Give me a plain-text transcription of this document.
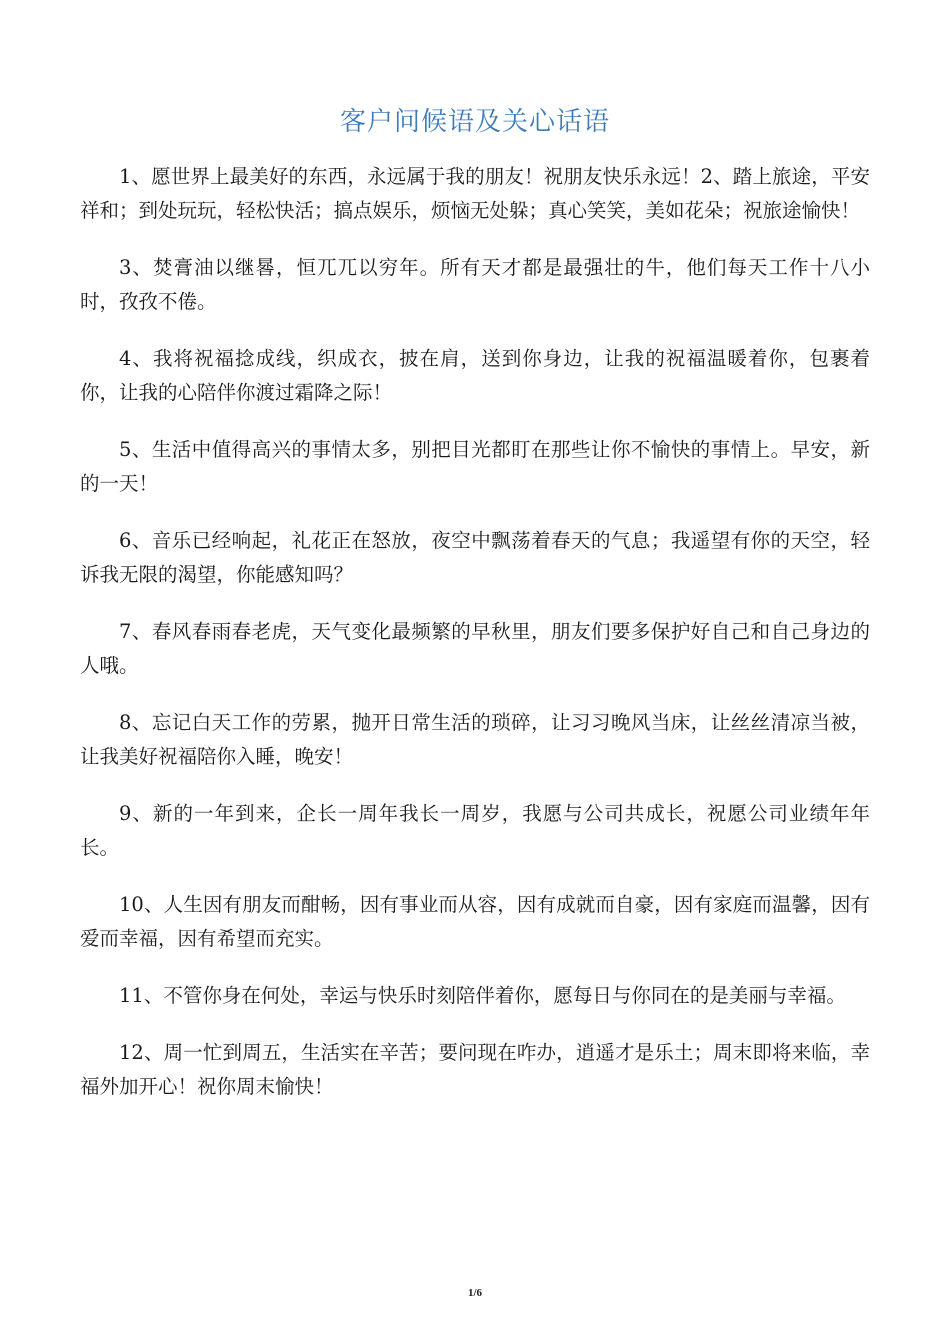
客户问候语及关心话语

1、愿世界上最美好的东西，永远属于我的朋友！祝朋友快乐永远！2、踏上旅途，平安祥和；到处玩玩，轻松快活；搞点娱乐，烦恼无处躲；真心笑笑，美如花朵；祝旅途愉快！

3、焚膏油以继晷，恒兀兀以穷年。所有天才都是最强壮的牛，他们每天工作十八小时，孜孜不倦。

4、我将祝福捻成线，织成衣，披在肩，送到你身边，让我的祝福温暖着你，包裹着你，让我的心陪伴你渡过霜降之际！

5、生活中值得高兴的事情太多，别把目光都盯在那些让你不愉快的事情上。早安，新的一天！

6、音乐已经响起，礼花正在怒放，夜空中飘荡着春天的气息；我遥望有你的天空，轻诉我无限的渴望，你能感知吗？

7、春风春雨春老虎，天气变化最频繁的早秋里，朋友们要多保护好自己和自己身边的人哦。

8、忘记白天工作的劳累，抛开日常生活的琐碎，让习习晚风当床，让丝丝清凉当被，让我美好祝福陪你入睡，晚安！

9、新的一年到来，企长一周年我长一周岁，我愿与公司共成长，祝愿公司业绩年年长。

10、人生因有朋友而酣畅，因有事业而从容，因有成就而自豪，因有家庭而温馨，因有爱而幸福，因有希望而充实。

11、不管你身在何处，幸运与快乐时刻陪伴着你，愿每日与你同在的是美丽与幸福。

12、周一忙到周五，生活实在辛苦；要问现在咋办，逍遥才是乐土；周末即将来临，幸福外加开心！祝你周末愉快！

1/6
